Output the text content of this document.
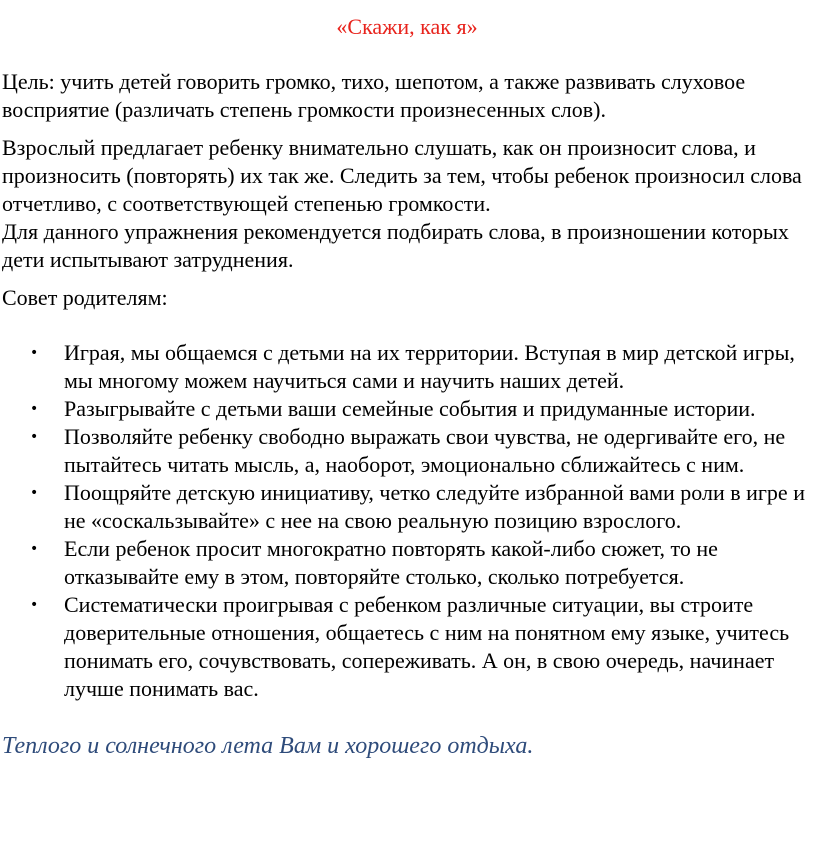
«Скажи, как я»

Цель: учить детей говорить громко, тихо, шепотом, а также развивать слуховое восприятие (различать степень громкости произнесенных слов).

Взрослый предлагает ребенку внимательно слушать, как он произносит слова, и произносить (повторять) их так же. Следить за тем, чтобы ребенок произносил слова отчетливо, с соответствующей степенью громкости.
Для данного упражнения рекомендуется подбирать слова, в произношении которых дети испытывают затруднения.

Совет родителям:

• Играя, мы общаемся с детьми на их территории. Вступая в мир детской игры, мы многому можем научиться сами и научить наших детей.
• Разыгрывайте с детьми ваши семейные события и придуманные истории.
• Позволяйте ребенку свободно выражать свои чувства, не одергивайте его, не пытайтесь читать мысль, а, наоборот, эмоционально сближайтесь с ним.
• Поощряйте детскую инициативу, четко следуйте избранной вами роли в игре и не «соскальзывайте» с нее на свою реальную позицию взрослого.
• Если ребенок просит многократно повторять какой-либо сюжет, то не отказывайте ему в этом, повторяйте столько, сколько потребуется.
• Систематически проигрывая с ребенком различные ситуации, вы строите доверительные отношения, общаетесь с ним на понятном ему языке, учитесь понимать его, сочувствовать, сопереживать. А он, в свою очередь, начинает лучше понимать вас.

Теплого и солнечного лета Вам и хорошего отдыха.
